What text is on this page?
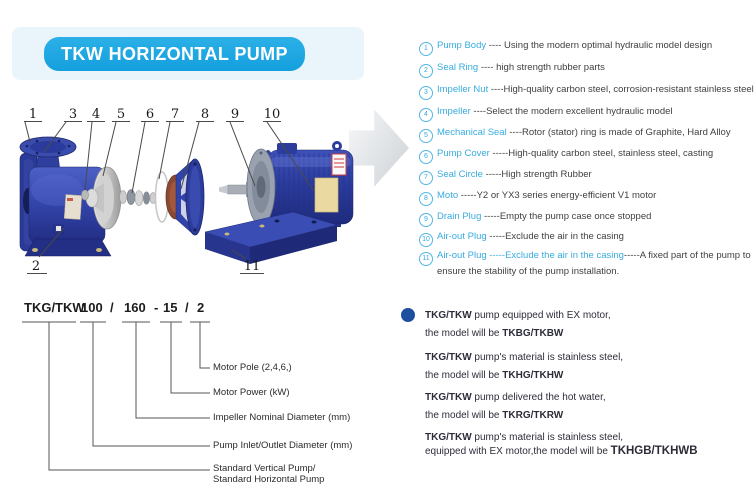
TKW HORIZONTAL PUMP
1 3 4 5 6 7 8 9 10
2	11
1 Pump Body ---- Using the modern optimal hydraulic model design
2 Seal Ring ---- high strength rubber parts
3 Impeller Nut ----High-quality carbon steel, corrosion-resistant stainless steel
4 Impeller ----Select the modern excellent hydraulic model
5 Mechanical Seal ----Rotor (stator) ring is made of Graphite, Hard Alloy
6 Pump Cover -----High-quality carbon steel, stainless steel, casting
7 Seal Circle -----High strength Rubber
8 Moto -----Y2 or YX3 series energy-efficient V1 motor
9 Drain Plug -----Empty the pump case once stopped
10 Air-out Plug -----Exclude the air in the casing
11 Air-out Plug -----Exclude the air in the casing-----A fixed part of the pump to ensure the stability of the pump installation.
TKG/TKW
100 / 160 - 15 / 2
Motor Pole (2,4,6,)
Motor Power (kW)
Impeller Nominal Diameter (mm)
Pump Inlet/Outlet Diameter (mm)
Standard Vertical Pump/
Standard Horizontal Pump
TKG/TKW pump equipped with EX motor,
the model will be TKBG/TKBW
TKG/TKW pump's material is stainless steel,
the model will be TKHG/TKHW
TKG/TKW pump delivered the hot water,
the model will be TKRG/TKRW
TKG/TKW pump's material is stainless steel,
equipped with EX motor,the model will be TKHGB/TKHWB
